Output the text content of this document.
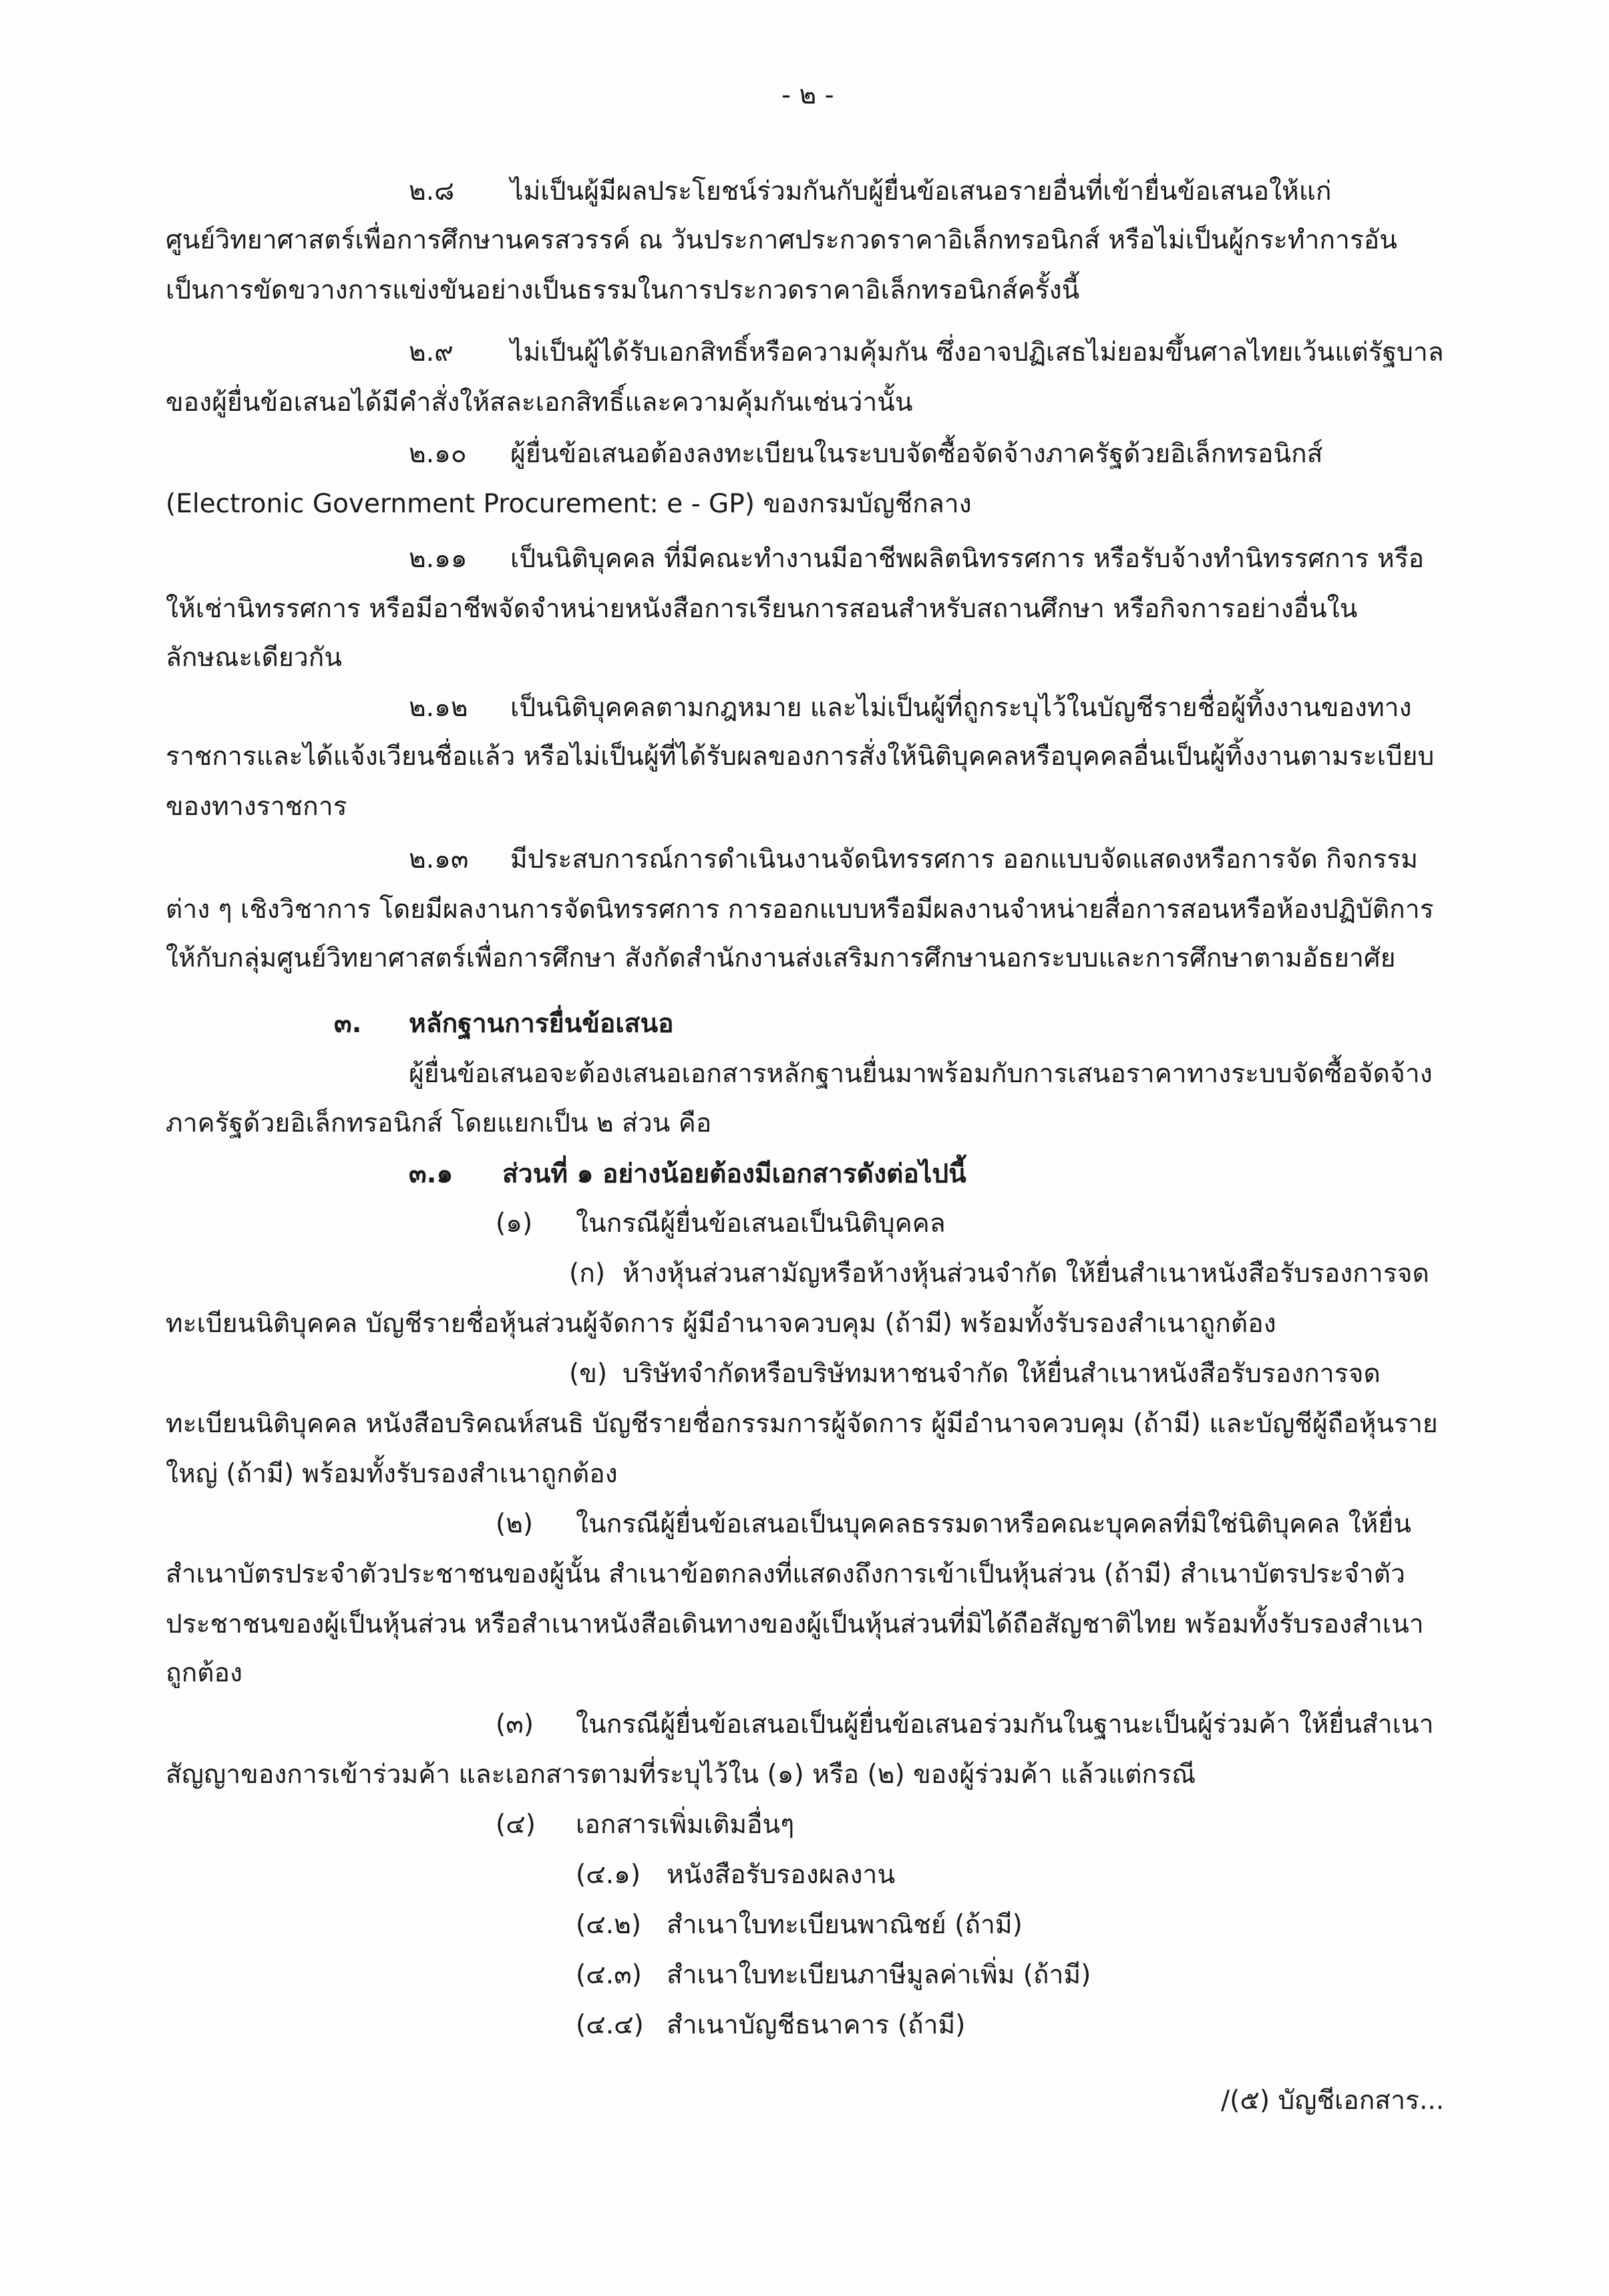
- ๒ -
๒.๘ ไม่เป็นผู้มีผลประโยชน์ร่วมกันกับผู้ยื่นข้อเสนอรายอื่นที่เข้ายื่นข้อเสนอให้แก่
ศูนย์วิทยาศาสตร์เพื่อการศึกษานครสวรรค์ ณ วันประกาศประกวดราคาอิเล็กทรอนิกส์ หรือไม่เป็นผู้กระทำการอัน
เป็นการขัดขวางการแข่งขันอย่างเป็นธรรมในการประกวดราคาอิเล็กทรอนิกส์ครั้งนี้
๒.๙ ไม่เป็นผู้ได้รับเอกสิทธิ์หรือความคุ้มกัน ซึ่งอาจปฏิเสธไม่ยอมขึ้นศาลไทยเว้นแต่รัฐบาล
ของผู้ยื่นข้อเสนอได้มีคำสั่งให้สละเอกสิทธิ์และความคุ้มกันเช่นว่านั้น
๒.๑๐ ผู้ยื่นข้อเสนอต้องลงทะเบียนในระบบจัดซื้อจัดจ้างภาครัฐด้วยอิเล็กทรอนิกส์
(Electronic Government Procurement: e - GP) ของกรมบัญชีกลาง
๒.๑๑ เป็นนิติบุคคล ที่มีคณะทำงานมีอาชีพผลิตนิทรรศการ หรือรับจ้างทำนิทรรศการ หรือ
ให้เช่านิทรรศการ หรือมีอาชีพจัดจำหน่ายหนังสือการเรียนการสอนสำหรับสถานศึกษา หรือกิจการอย่างอื่นใน
ลักษณะเดียวกัน
๒.๑๒ เป็นนิติบุคคลตามกฎหมาย และไม่เป็นผู้ที่ถูกระบุไว้ในบัญชีรายชื่อผู้ทิ้งงานของทาง
ราชการและได้แจ้งเวียนชื่อแล้ว หรือไม่เป็นผู้ที่ได้รับผลของการสั่งให้นิติบุคคลหรือบุคคลอื่นเป็นผู้ทิ้งงานตามระเบียบ
ของทางราชการ
๒.๑๓ มีประสบการณ์การดำเนินงานจัดนิทรรศการ ออกแบบจัดแสดงหรือการจัด กิจกรรม
ต่าง ๆ เชิงวิชาการ โดยมีผลงานการจัดนิทรรศการ การออกแบบหรือมีผลงานจำหน่ายสื่อการสอนหรือห้องปฏิบัติการ
ให้กับกลุ่มศูนย์วิทยาศาสตร์เพื่อการศึกษา สังกัดสำนักงานส่งเสริมการศึกษานอกระบบและการศึกษาตามอัธยาศัย
๓. หลักฐานการยื่นข้อเสนอ
ผู้ยื่นข้อเสนอจะต้องเสนอเอกสารหลักฐานยื่นมาพร้อมกับการเสนอราคาทางระบบจัดซื้อจัดจ้าง
ภาครัฐด้วยอิเล็กทรอนิกส์ โดยแยกเป็น ๒ ส่วน คือ
๓.๑ ส่วนที่ ๑ อย่างน้อยต้องมีเอกสารดังต่อไปนี้
(๑) ในกรณีผู้ยื่นข้อเสนอเป็นนิติบุคคล
(ก) ห้างหุ้นส่วนสามัญหรือห้างหุ้นส่วนจำกัด ให้ยื่นสำเนาหนังสือรับรองการจด
ทะเบียนนิติบุคคล บัญชีรายชื่อหุ้นส่วนผู้จัดการ ผู้มีอำนาจควบคุม (ถ้ามี) พร้อมทั้งรับรองสำเนาถูกต้อง
(ข) บริษัทจำกัดหรือบริษัทมหาชนจำกัด ให้ยื่นสำเนาหนังสือรับรองการจด
ทะเบียนนิติบุคคล หนังสือบริคณห์สนธิ บัญชีรายชื่อกรรมการผู้จัดการ ผู้มีอำนาจควบคุม (ถ้ามี) และบัญชีผู้ถือหุ้นราย
ใหญ่ (ถ้ามี) พร้อมทั้งรับรองสำเนาถูกต้อง
(๒) ในกรณีผู้ยื่นข้อเสนอเป็นบุคคลธรรมดาหรือคณะบุคคลที่มิใช่นิติบุคคล ให้ยื่น
สำเนาบัตรประจำตัวประชาชนของผู้นั้น สำเนาข้อตกลงที่แสดงถึงการเข้าเป็นหุ้นส่วน (ถ้ามี) สำเนาบัตรประจำตัว
ประชาชนของผู้เป็นหุ้นส่วน หรือสำเนาหนังสือเดินทางของผู้เป็นหุ้นส่วนที่มิได้ถือสัญชาติไทย พร้อมทั้งรับรองสำเนา
ถูกต้อง
(๓) ในกรณีผู้ยื่นข้อเสนอเป็นผู้ยื่นข้อเสนอร่วมกันในฐานะเป็นผู้ร่วมค้า ให้ยื่นสำเนา
สัญญาของการเข้าร่วมค้า และเอกสารตามที่ระบุไว้ใน (๑) หรือ (๒) ของผู้ร่วมค้า แล้วแต่กรณี
(๔) เอกสารเพิ่มเติมอื่นๆ
(๔.๑) หนังสือรับรองผลงาน
(๔.๒) สำเนาใบทะเบียนพาณิชย์ (ถ้ามี)
(๔.๓) สำเนาใบทะเบียนภาษีมูลค่าเพิ่ม (ถ้ามี)
(๔.๔) สำเนาบัญชีธนาคาร (ถ้ามี)
/(๕) บัญชีเอกสาร...
